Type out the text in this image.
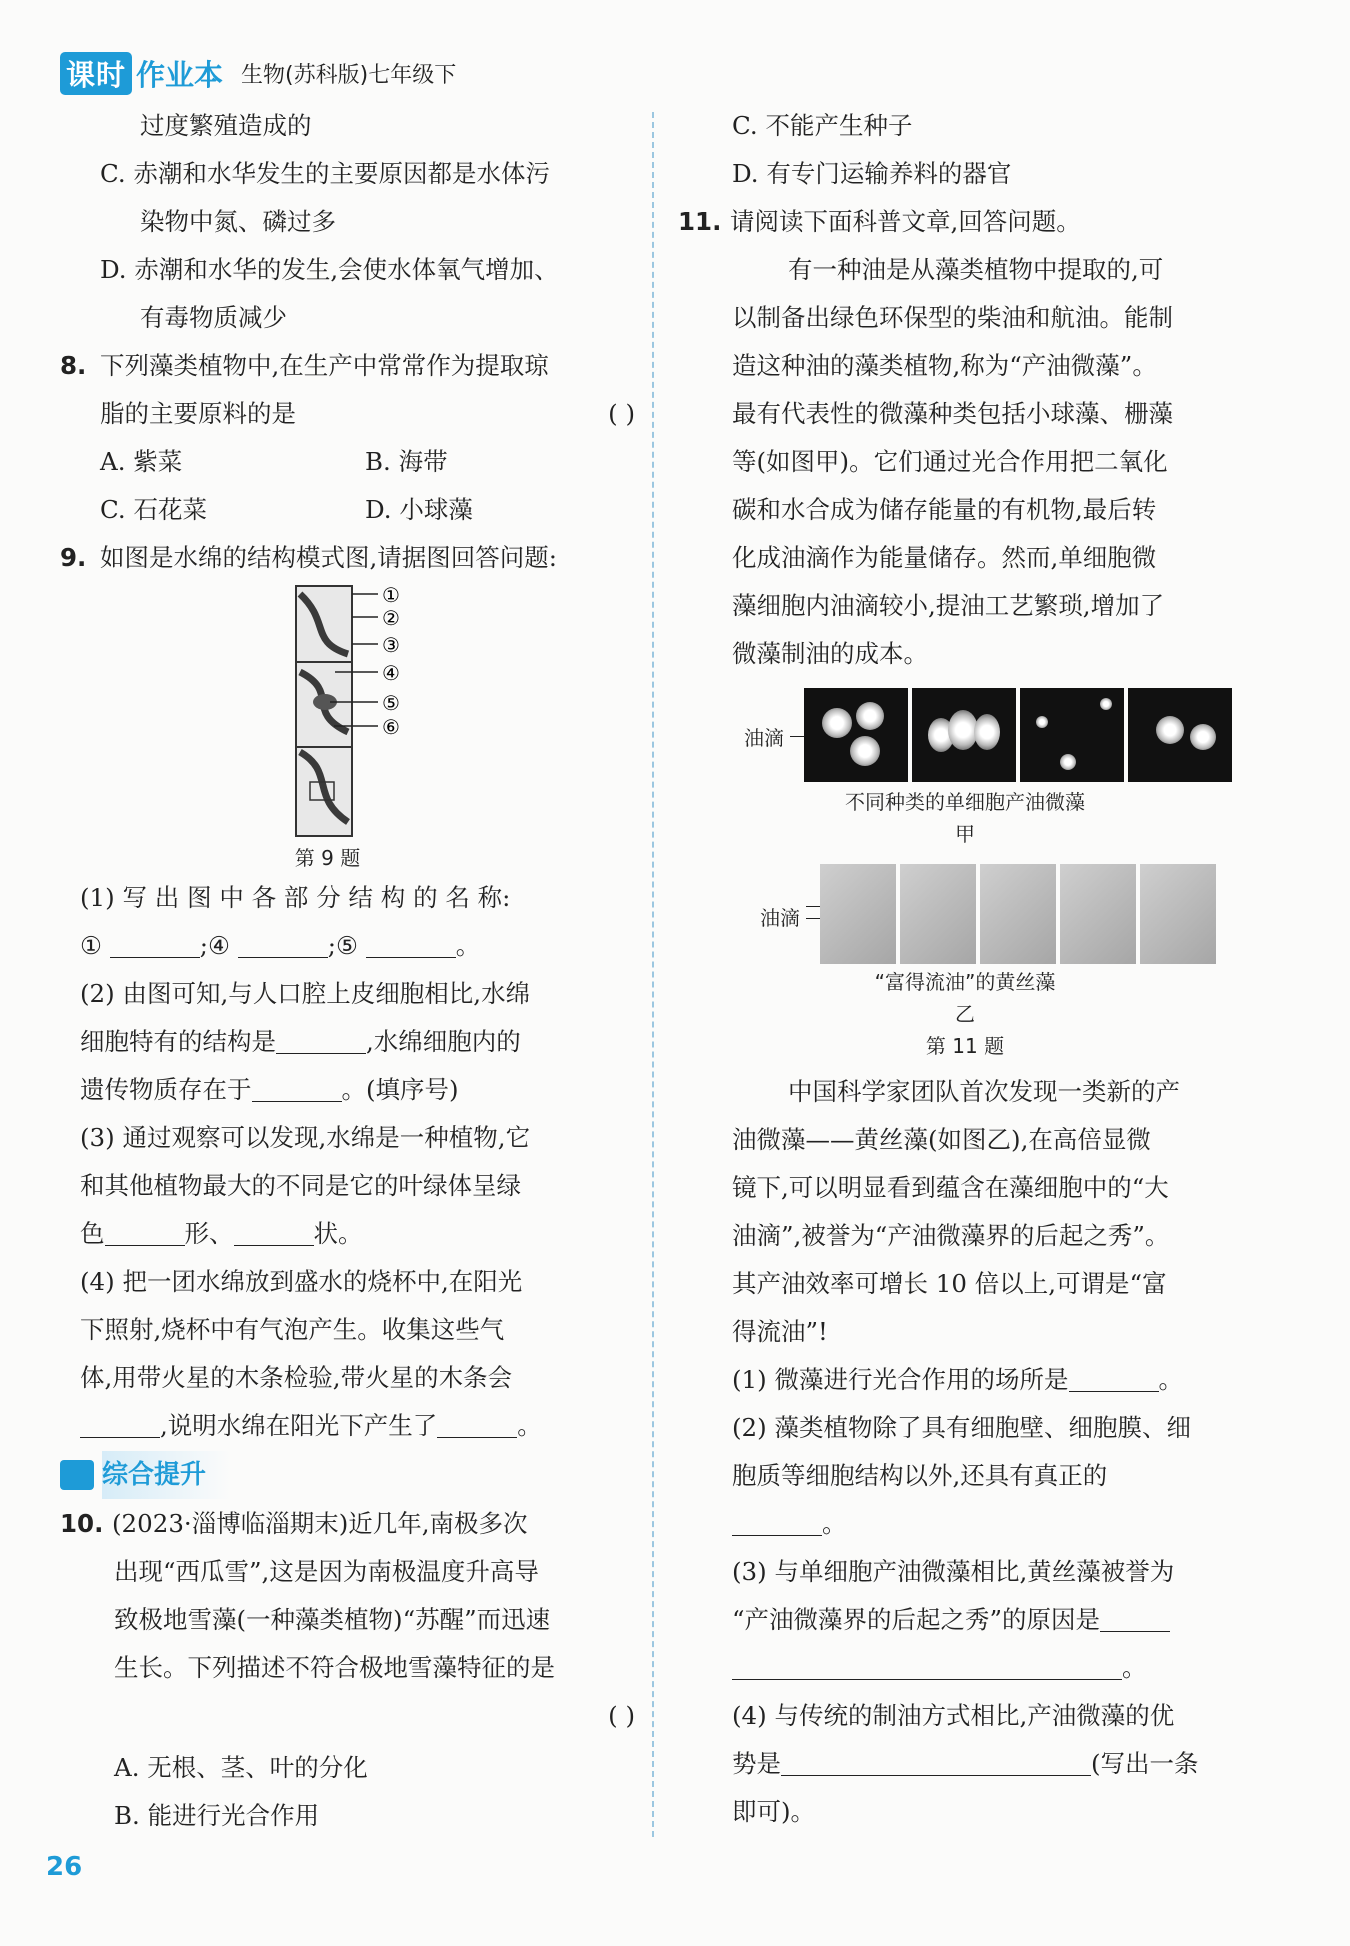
课时 作业本 生物(苏科版)七年级下
过度繁殖造成的
C. 赤潮和水华发生的主要原因都是水体污
染物中氮、磷过多
D. 赤潮和水华的发生,会使水体氧气增加、
有毒物质减少
8. 下列藻类植物中,在生产中常常作为提取琼
脂的主要原料的是	( )
A. 紫菜	B. 海带
C. 石花菜	D. 小球藻
9. 如图是水绵的结构模式图,请据图回答问题:
①
②
③
④
⑤
⑥
第 9 题
(1) 写 出 图 中 各 部 分 结 构 的 名 称:
①	;④	;⑤	。
(2) 由图可知,与人口腔上皮细胞相比,水绵
细胞特有的结构是	,水绵细胞内的
遗传物质存在于	。(填序号)
(3) 通过观察可以发现,水绵是一种植物,它
和其他植物最大的不同是它的叶绿体呈绿
色	形、	状。
(4) 把一团水绵放到盛水的烧杯中,在阳光
下照射,烧杯中有气泡产生。收集这些气
体,用带火星的木条检验,带火星的木条会
,说明水绵在阳光下产生了	。
综合提升
10. (2023·淄博临淄期末)近几年,南极多次
出现“西瓜雪”,这是因为南极温度升高导
致极地雪藻(一种藻类植物)“苏醒”而迅速
生长。下列描述不符合极地雪藻特征的是
( )
A. 无根、茎、叶的分化
B. 能进行光合作用
C. 不能产生种子
D. 有专门运输养料的器官
11. 请阅读下面科普文章,回答问题。
有一种油是从藻类植物中提取的,可
以制备出绿色环保型的柴油和航油。能制
造这种油的藻类植物,称为“产油微藻”。
最有代表性的微藻种类包括小球藻、栅藻
等(如图甲)。它们通过光合作用把二氧化
碳和水合成为储存能量的有机物,最后转
化成油滴作为能量储存。然而,单细胞微
藻细胞内油滴较小,提油工艺繁琐,增加了
微藻制油的成本。
油滴
不同种类的单细胞产油微藻
甲
油滴
“富得流油”的黄丝藻
乙
第 11 题
中国科学家团队首次发现一类新的产
油微藻——黄丝藻(如图乙),在高倍显微
镜下,可以明显看到蕴含在藻细胞中的“大
油滴”,被誉为“产油微藻界的后起之秀”。
其产油效率可增长 10 倍以上,可谓是“富
得流油”!
(1) 微藻进行光合作用的场所是	。
(2) 藻类植物除了具有细胞壁、细胞膜、细
胞质等细胞结构以外,还具有真正的
。
(3) 与单细胞产油微藻相比,黄丝藻被誉为
“产油微藻界的后起之秀”的原因是
。
(4) 与传统的制油方式相比,产油微藻的优
势是	(写出一条
即可)。
26
